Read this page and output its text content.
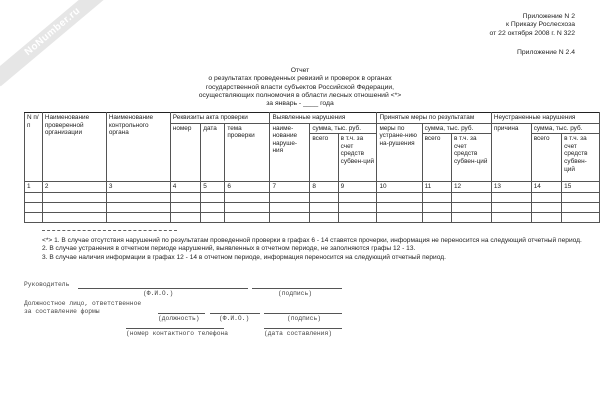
NoNumber.ru	Приложение N 2
к Приказу Рослесхоза
от 22 октября 2008 г. N 322
Приложение N 2.4
Отчет
о результатах проведенных ревизий и проверок в органах
государственной власти субъектов Российской Федерации,
осуществляющих полномочия в области лесных отношений <*>
за январь - ____ года
N п/п	Наименование проверенной организации	Наименование контрольного органа	Реквизиты акта проверки			Выявленные нарушения			Принятые меры по результатам			Неустраненные нарушения		
			номер	дата	тема проверки	наиме-нование наруше-ния	сумма, тыс. руб.		меры по устране-нию на-рушения	сумма, тыс. руб.		причина	сумма, тыс. руб.	
							всего	в т.ч. за счет средств субвен-ций		всего	в т.ч. за счет средств субвен-ций		всего	в т.ч. за счет средств субвен-ций
1	2	3	4	5	6	7	8	9	10	11	12	13	14	15

<*> 1. В случае отсутствия нарушений по результатам проведенной проверки в графах 6 - 14 ставятся прочерки, информация не переносится на следующий отчетный период.

2. В случае устранения в отчетном периоде нарушений, выявленных в отчетном периоде, не заполняются графы 12 - 13.

3. В случае наличия информации в графах 12 - 14 в отчетном периоде, информация переносится на следующий отчетный период.

Руководитель
(Ф.И.О.)	(подпись)
Должностное лицо, ответственное
за составление формы
(должность)	(Ф.И.О.)	(подпись)
(номер контактного телефона	(дата составления)
